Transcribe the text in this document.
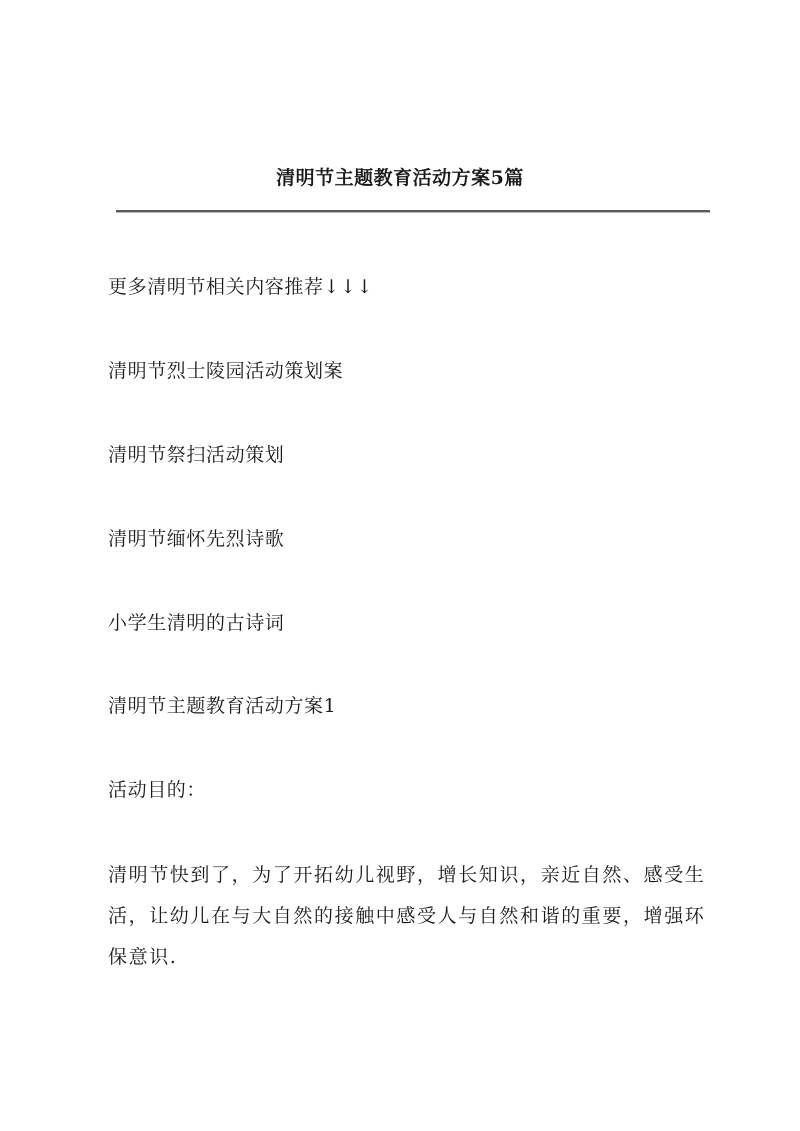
清明节主题教育活动方案5篇
更多清明节相关内容推荐↓↓↓
清明节烈士陵园活动策划案
清明节祭扫活动策划
清明节缅怀先烈诗歌
小学生清明的古诗词
清明节主题教育活动方案1
活动目的：
清明节快到了，为了开拓幼儿视野，增长知识，亲近自然、感受生活，让幼儿在与大自然的接触中感受人与自然和谐的重要，增强环保意识.
